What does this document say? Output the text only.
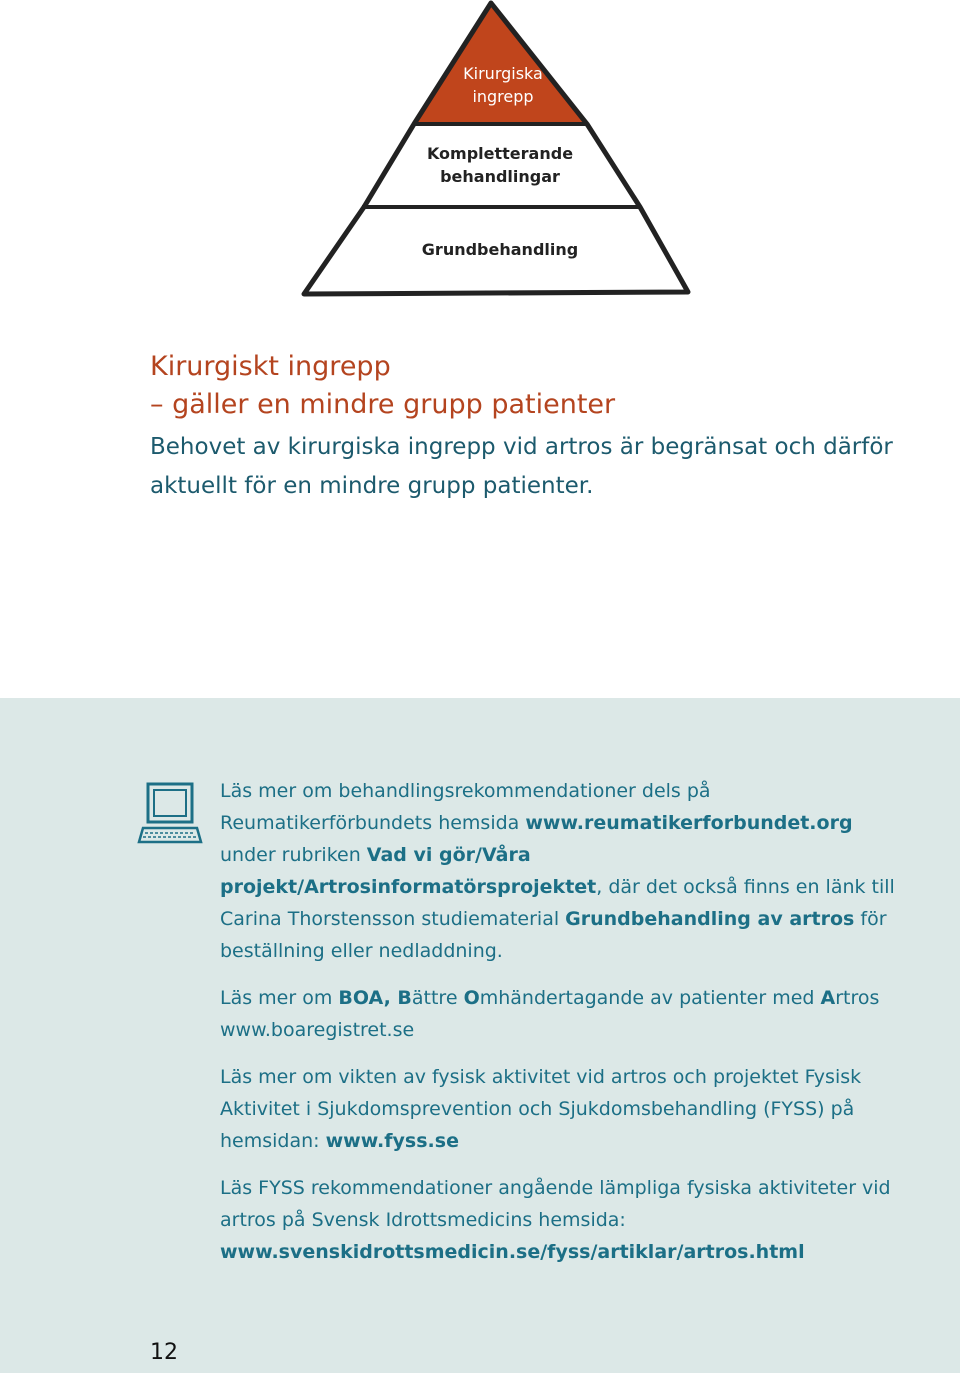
Kirurgiska
ingrepp
Kompletterande
behandlingar
Grundbehandling
Kirurgiskt ingrepp
– gäller en mindre grupp patienter
Behovet av kirurgiska ingrepp vid artros är begränsat och därför aktuellt för en mindre grupp patienter.
Läs mer om behandlingsrekommendationer dels på Reumatikerförbundets hemsida www.reumatikerforbundet.org under rubriken Vad vi gör/Våra projekt/Artrosinformatörsprojektet, där det också finns en länk till Carina Thorstensson studiematerial Grundbehandling av artros för beställning eller nedladdning.
Läs mer om BOA, Bättre Omhändertagande av patienter med Artros
www.boaregistret.se
Läs mer om vikten av fysisk aktivitet vid artros och projektet Fysisk Aktivitet i Sjukdomsprevention och Sjukdomsbehandling (FYSS) på hemsidan: www.fyss.se
Läs FYSS rekommendationer angående lämpliga fysiska aktiviteter vid artros på Svensk Idrottsmedicins hemsida:
www.svenskidrottsmedicin.se/fyss/artiklar/artros.html
12
